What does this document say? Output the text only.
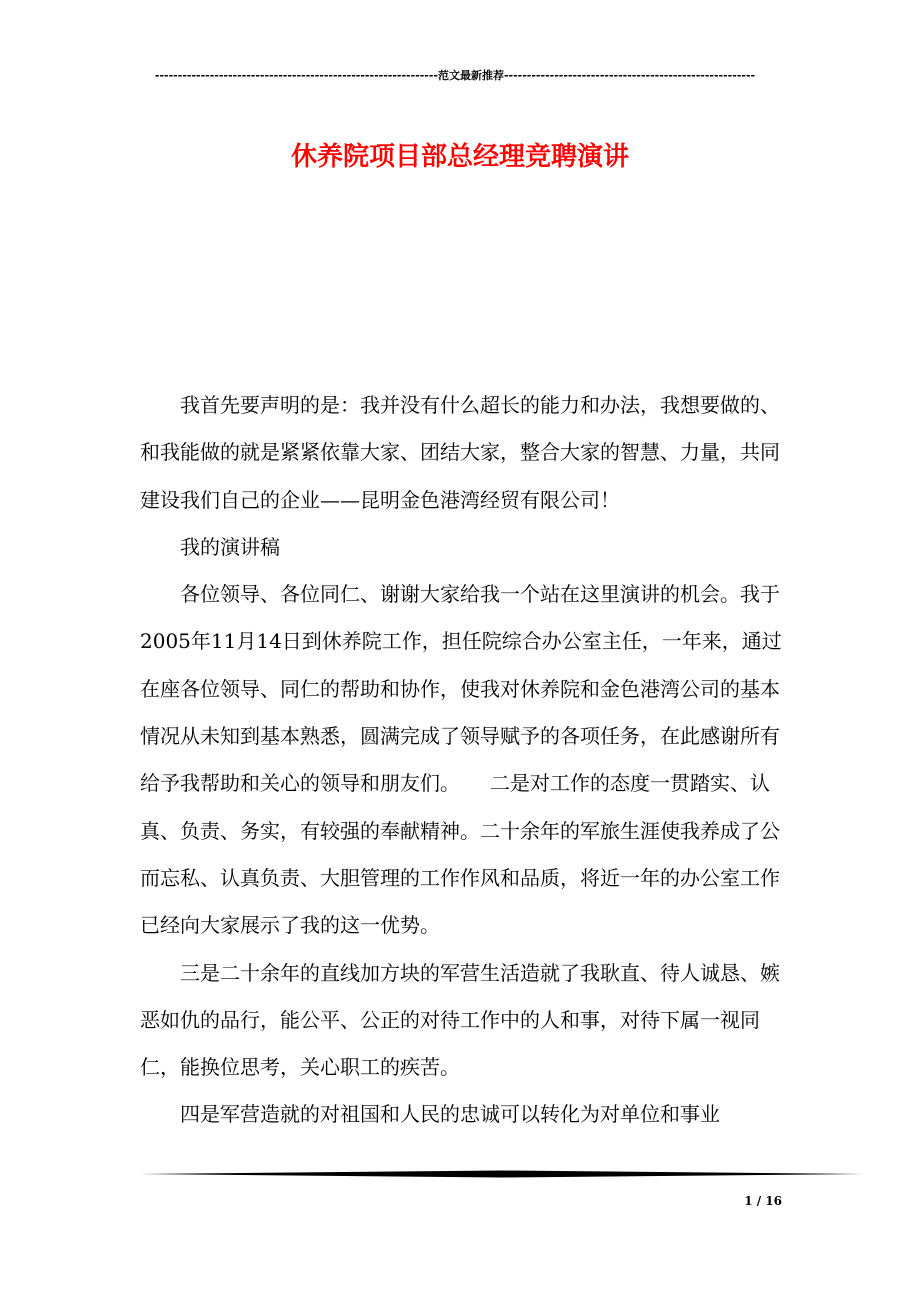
--------------------------------------------------------------范文最新推荐-------------------------------------------------------
休养院项目部总经理竞聘演讲

我首先要声明的是：我并没有什么超长的能力和办法，我想要做的、和我能做的就是紧紧依靠大家、团结大家，整合大家的智慧、力量，共同建设我们自己的企业——昆明金色港湾经贸有限公司！

我的演讲稿

各位领导、各位同仁、谢谢大家给我一个站在这里演讲的机会。我于2005年11月14日到休养院工作，担任院综合办公室主任，一年来，通过在座各位领导、同仁的帮助和协作，使我对休养院和金色港湾公司的基本情况从未知到基本熟悉，圆满完成了领导赋予的各项任务，在此感谢所有给予我帮助和关心的领导和朋友们。　　二是对工作的态度一贯踏实、认真、负责、务实，有较强的奉献精神。二十余年的军旅生涯使我养成了公而忘私、认真负责、大胆管理的工作作风和品质，将近一年的办公室工作已经向大家展示了我的这一优势。

三是二十余年的直线加方块的军营生活造就了我耿直、待人诚恳、嫉恶如仇的品行，能公平、公正的对待工作中的人和事，对待下属一视同仁，能换位思考，关心职工的疾苦。

四是军营造就的对祖国和人民的忠诚可以转化为对单位和事业

1 / 16
